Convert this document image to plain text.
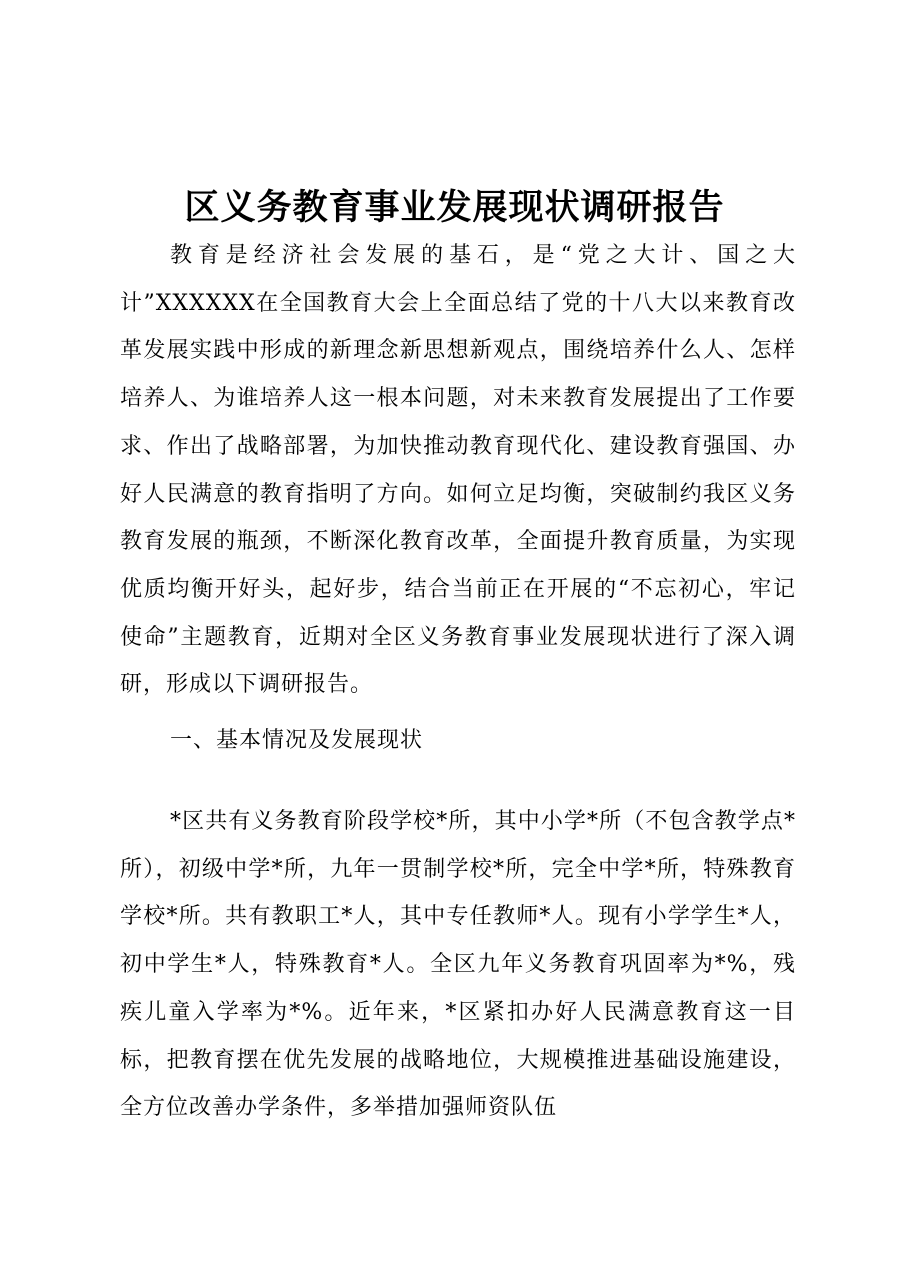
区义务教育事业发展现状调研报告

教育是经济社会发展的基石，是“党之大计、国之大计”XXXXXX在全国教育大会上全面总结了党的十八大以来教育改革发展实践中形成的新理念新思想新观点，围绕培养什么人、怎样培养人、为谁培养人这一根本问题，对未来教育发展提出了工作要求、作出了战略部署，为加快推动教育现代化、建设教育强国、办好人民满意的教育指明了方向。如何立足均衡，突破制约我区义务教育发展的瓶颈，不断深化教育改革，全面提升教育质量，为实现优质均衡开好头，起好步，结合当前正在开展的“不忘初心，牢记使命”主题教育，近期对全区义务教育事业发展现状进行了深入调研，形成以下调研报告。

一、基本情况及发展现状

*区共有义务教育阶段学校*所，其中小学*所（不包含教学点*所），初级中学*所，九年一贯制学校*所，完全中学*所，特殊教育学校*所。共有教职工*人，其中专任教师*人。现有小学学生*人，初中学生*人，特殊教育*人。全区九年义务教育巩固率为*%，残疾儿童入学率为*%。近年来，*区紧扣办好人民满意教育这一目标，把教育摆在优先发展的战略地位，大规模推进基础设施建设，全方位改善办学条件，多举措加强师资队伍
